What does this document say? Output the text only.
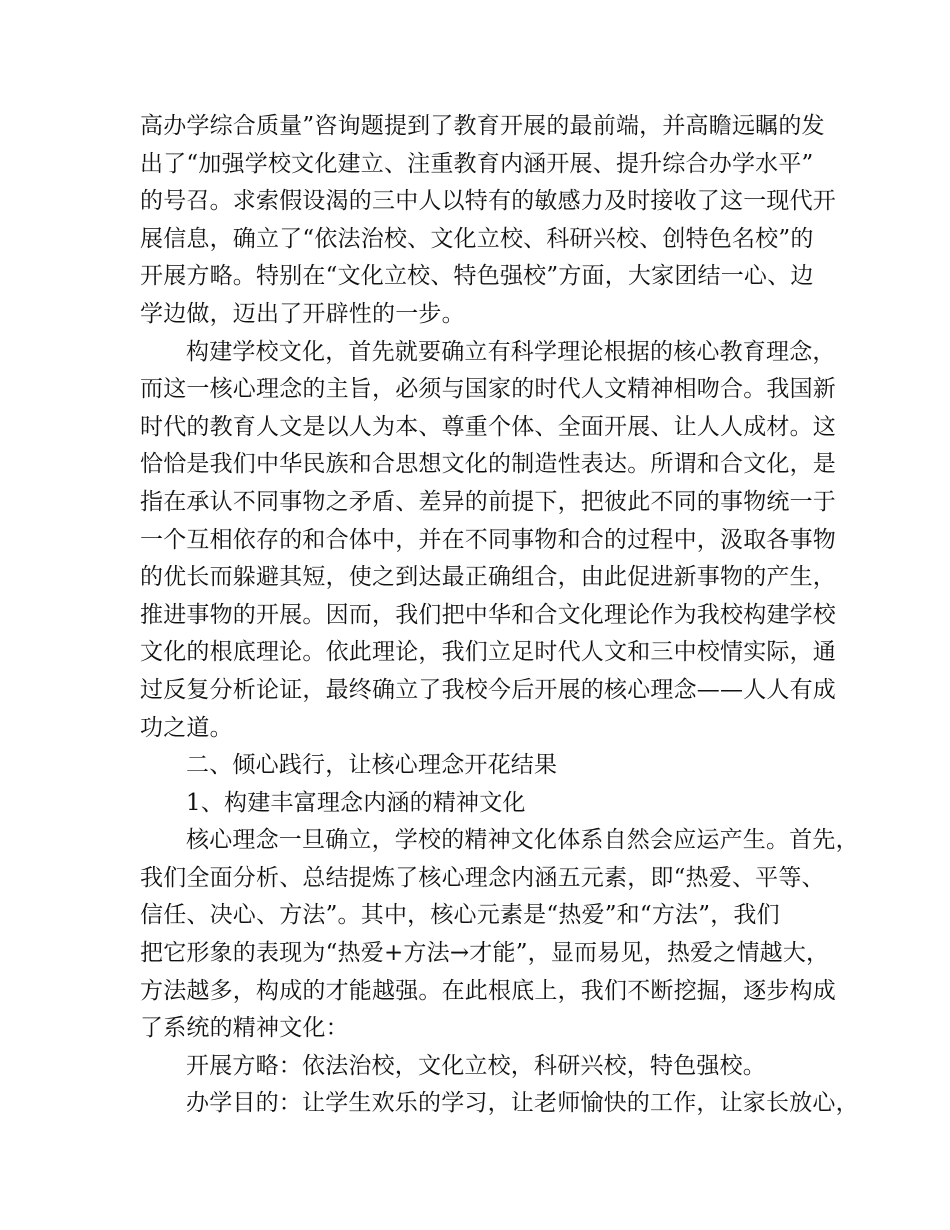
高办学综合质量”咨询题提到了教育开展的最前端，并高瞻远瞩的发
出了“加强学校文化建立、注重教育内涵开展、提升综合办学水平”
的号召。求索假设渴的三中人以特有的敏感力及时接收了这一现代开
展信息，确立了“依法治校、文化立校、科研兴校、创特色名校”的
开展方略。特别在“文化立校、特色强校”方面，大家团结一心、边
学边做，迈出了开辟性的一步。
构建学校文化，首先就要确立有科学理论根据的核心教育理念，
而这一核心理念的主旨，必须与国家的时代人文精神相吻合。我国新
时代的教育人文是以人为本、尊重个体、全面开展、让人人成材。这
恰恰是我们中华民族和合思想文化的制造性表达。所谓和合文化，是
指在承认不同事物之矛盾、差异的前提下，把彼此不同的事物统一于
一个互相依存的和合体中，并在不同事物和合的过程中，汲取各事物
的优长而躲避其短，使之到达最正确组合，由此促进新事物的产生，
推进事物的开展。因而，我们把中华和合文化理论作为我校构建学校
文化的根底理论。依此理论，我们立足时代人文和三中校情实际，通
过反复分析论证，最终确立了我校今后开展的核心理念——人人有成
功之道。
二、倾心践行，让核心理念开花结果
1、构建丰富理念内涵的精神文化
核心理念一旦确立，学校的精神文化体系自然会应运产生。首先，
我们全面分析、总结提炼了核心理念内涵五元素，即“热爱、平等、
信任、决心、方法”。其中，核心元素是“热爱”和“方法”，我们
把它形象的表现为“热爱+方法→才能”，显而易见，热爱之情越大，
方法越多，构成的才能越强。在此根底上，我们不断挖掘，逐步构成
了系统的精神文化：
开展方略：依法治校，文化立校，科研兴校，特色强校。
办学目的：让学生欢乐的学习，让老师愉快的工作，让家长放心，
